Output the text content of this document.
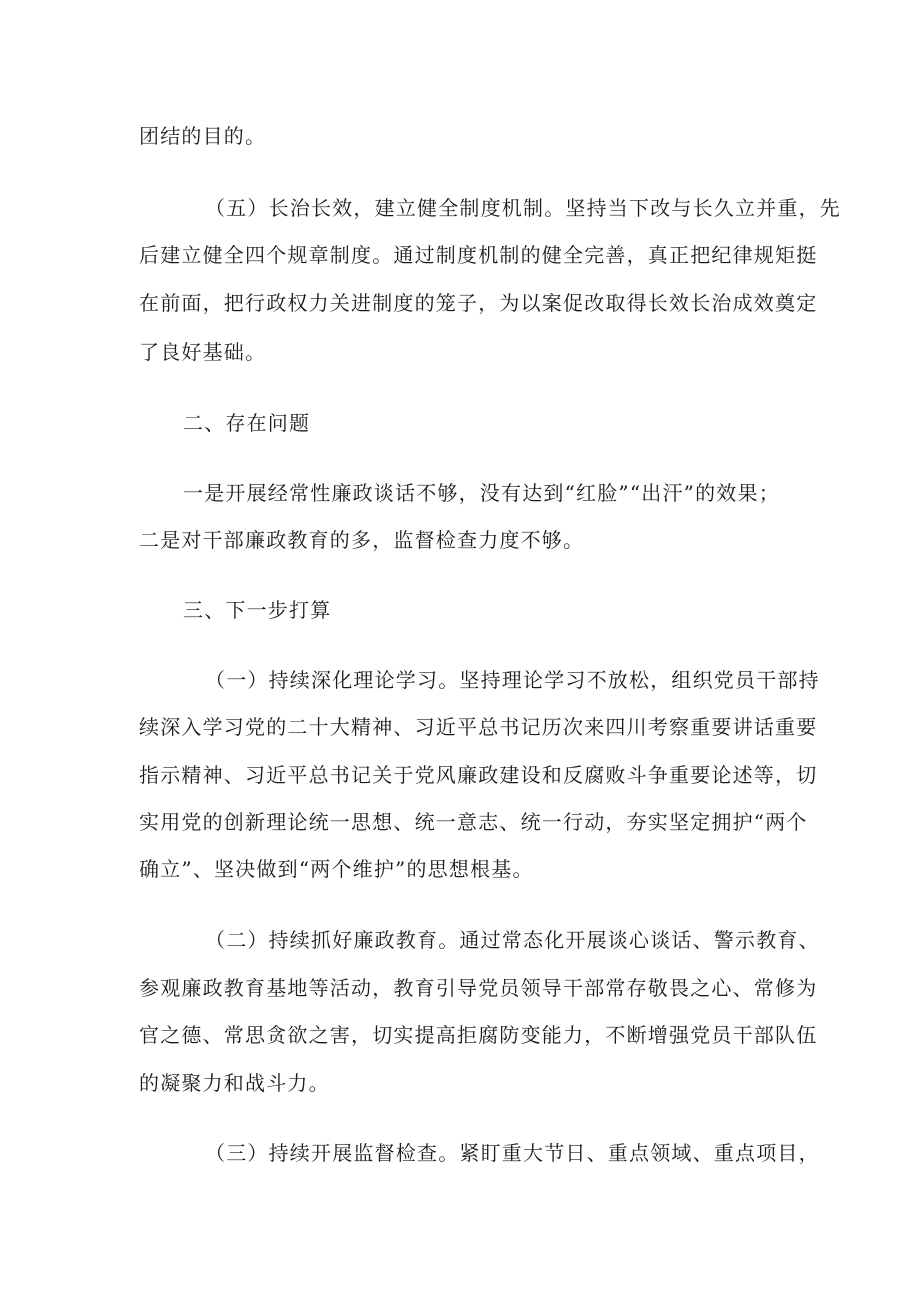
团结的目的。
（五）长治长效，建立健全制度机制。坚持当下改与长久立并重，先
后建立健全四个规章制度。通过制度机制的健全完善，真正把纪律规矩挺
在前面，把行政权力关进制度的笼子，为以案促改取得长效长治成效奠定
了良好基础。
二、存在问题
一是开展经常性廉政谈话不够，没有达到“红脸”“出汗”的效果；
二是对干部廉政教育的多，监督检查力度不够。
三、下一步打算
（一）持续深化理论学习。坚持理论学习不放松，组织党员干部持
续深入学习党的二十大精神、习近平总书记历次来四川考察重要讲话重要
指示精神、习近平总书记关于党风廉政建设和反腐败斗争重要论述等，切
实用党的创新理论统一思想、统一意志、统一行动，夯实坚定拥护“两个
确立”、坚决做到“两个维护”的思想根基。
（二）持续抓好廉政教育。通过常态化开展谈心谈话、警示教育、
参观廉政教育基地等活动，教育引导党员领导干部常存敬畏之心、常修为
官之德、常思贪欲之害，切实提高拒腐防变能力，不断增强党员干部队伍
的凝聚力和战斗力。
（三）持续开展监督检查。紧盯重大节日、重点领域、重点项目，
